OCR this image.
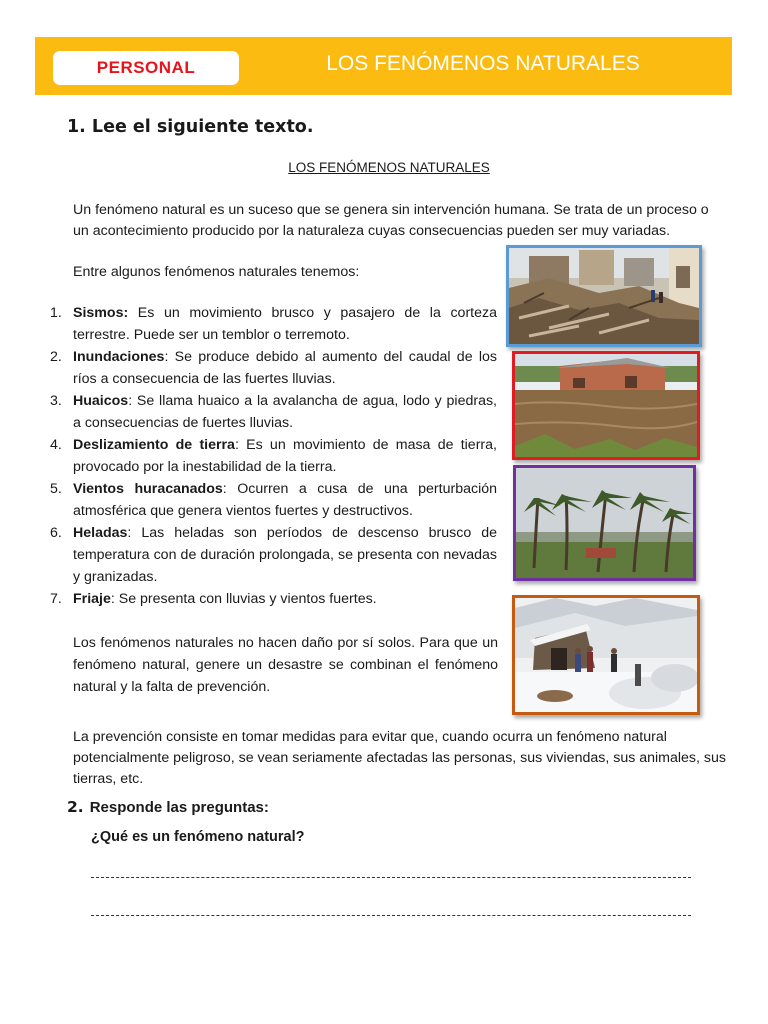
PERSONAL	LOS FENÓMENOS NATURALES
1. Lee el siguiente texto.
LOS FENÓMENOS NATURALES
Un fenómeno natural es un suceso que se genera sin intervención humana. Se trata de un proceso o un acontecimiento producido por la naturaleza cuyas consecuencias pueden ser muy variadas.
Entre algunos fenómenos naturales tenemos:
1. Sismos: Es un movimiento brusco y pasajero de la corteza terrestre. Puede ser un temblor o terremoto.
2. Inundaciones: Se produce debido al aumento del caudal de los ríos a consecuencia de las fuertes lluvias.
3. Huaicos: Se llama huaico a la avalancha de agua, lodo y piedras, a consecuencias de fuertes lluvias.
4. Deslizamiento de tierra: Es un movimiento de masa de tierra, provocado por la inestabilidad de la tierra.
5. Vientos huracanados: Ocurren a cusa de una perturbación atmosférica que genera vientos fuertes y destructivos.
6. Heladas: Las heladas son períodos de descenso brusco de temperatura con de duración prolongada, se presenta con nevadas y granizadas.
7. Friaje: Se presenta con lluvias y vientos fuertes.
Los fenómenos naturales no hacen daño por sí solos. Para que un fenómeno natural, genere un desastre se combinan el fenómeno natural y la falta de prevención.
La prevención consiste en tomar medidas para evitar que, cuando ocurra un fenómeno natural potencialmente peligroso, se vean seriamente afectadas las personas, sus viviendas, sus animales, sus tierras, etc.
2. Responde las preguntas:
¿Qué es un fenómeno natural?
